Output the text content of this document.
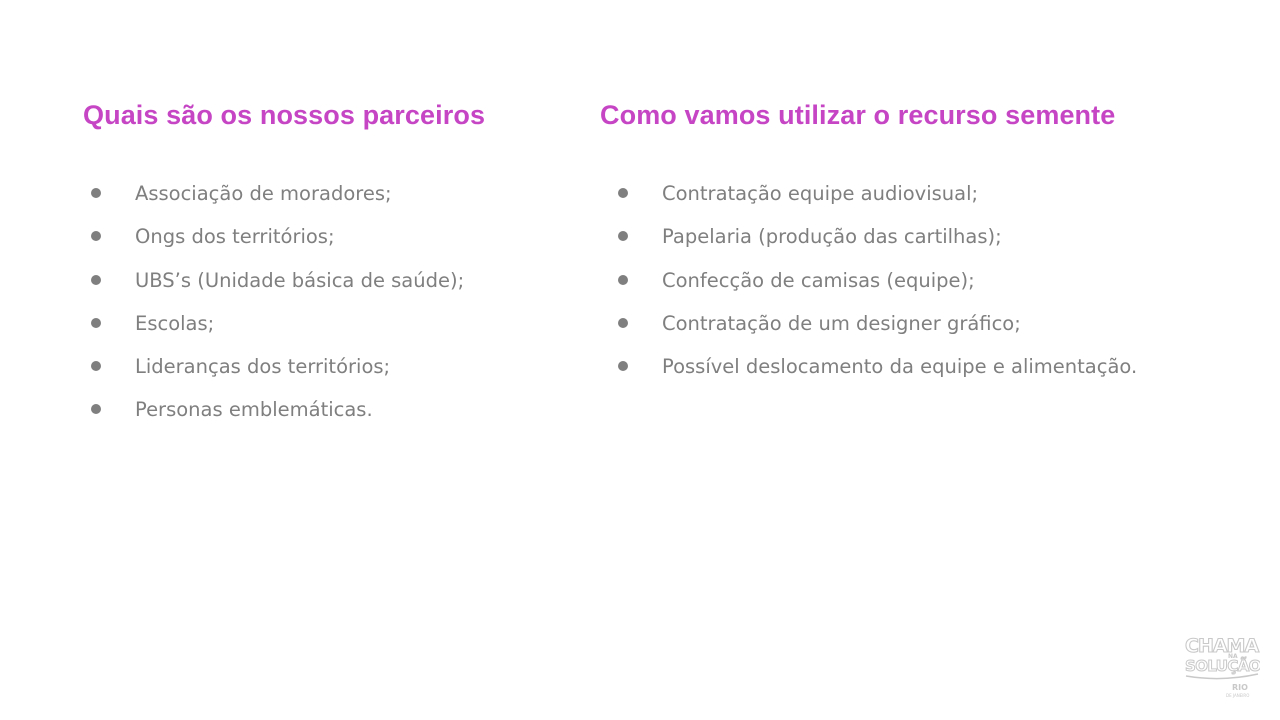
Quais são os nossos parceiros
Associação de moradores;
Ongs dos territórios;
UBS’s (Unidade básica de saúde);
Escolas;
Lideranças dos territórios;
Personas emblemáticas.
Como vamos utilizar o recurso semente
Contratação equipe audiovisual;
Papelaria (produção das cartilhas);
Confecção de camisas (equipe);
Contratação de um designer gráfico;
Possível deslocamento da equipe e alimentação.
